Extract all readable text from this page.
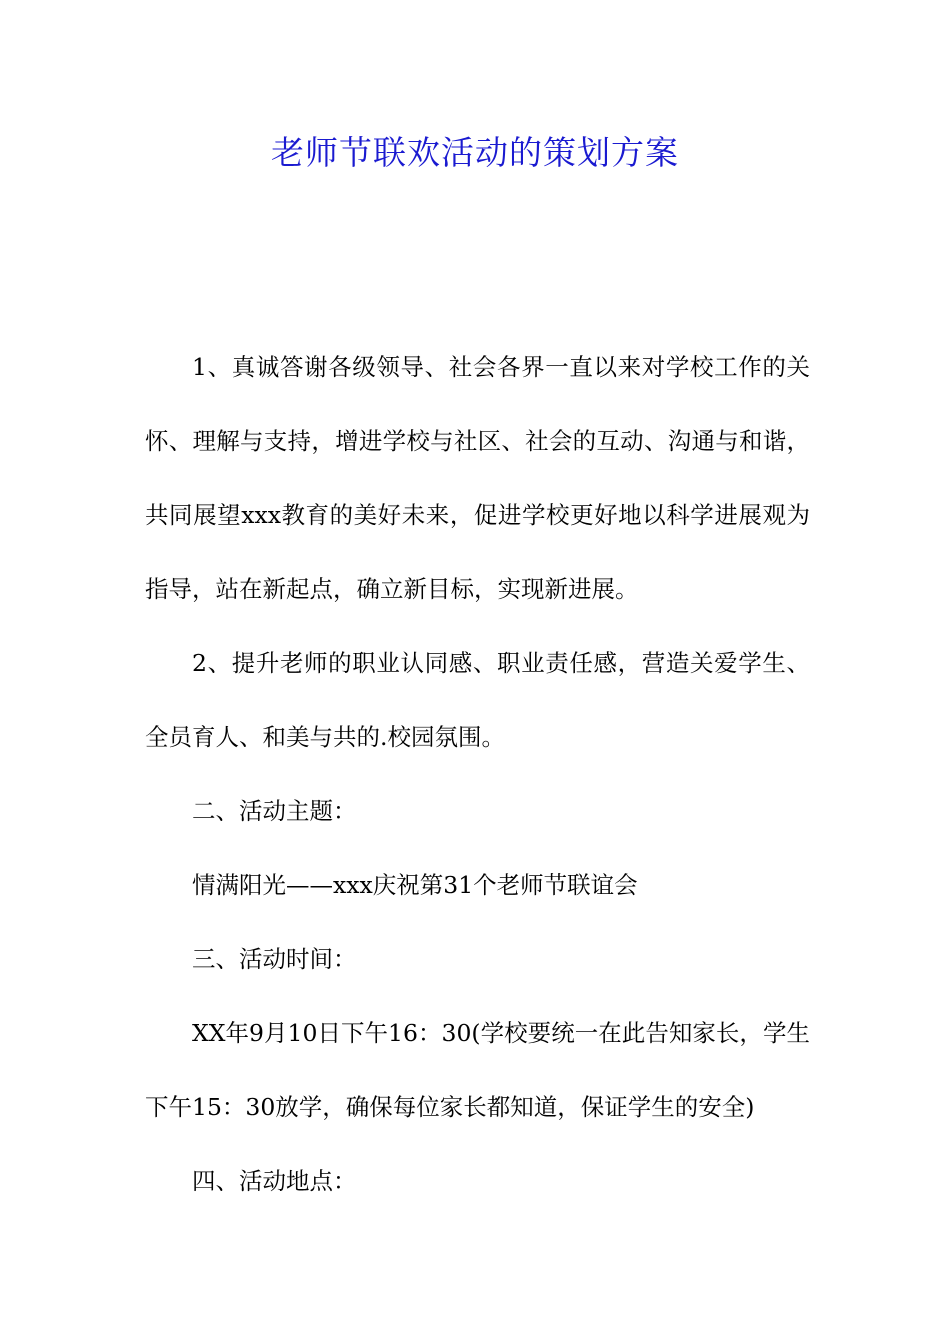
老师节联欢活动的策划方案

1、真诚答谢各级领导、社会各界一直以来对学校工作的关怀、理解与支持，增进学校与社区、社会的互动、沟通与和谐，共同展望xxx教育的美好未来，促进学校更好地以科学进展观为指导，站在新起点，确立新目标，实现新进展。

2、提升老师的职业认同感、职业责任感，营造关爱学生、全员育人、和美与共的.校园氛围。

二、活动主题：

情满阳光——xxx庆祝第31个老师节联谊会

三、活动时间：

XX年9月10日下午16：30(学校要统一在此告知家长，学生下午15：30放学，确保每位家长都知道，保证学生的安全)

四、活动地点：
